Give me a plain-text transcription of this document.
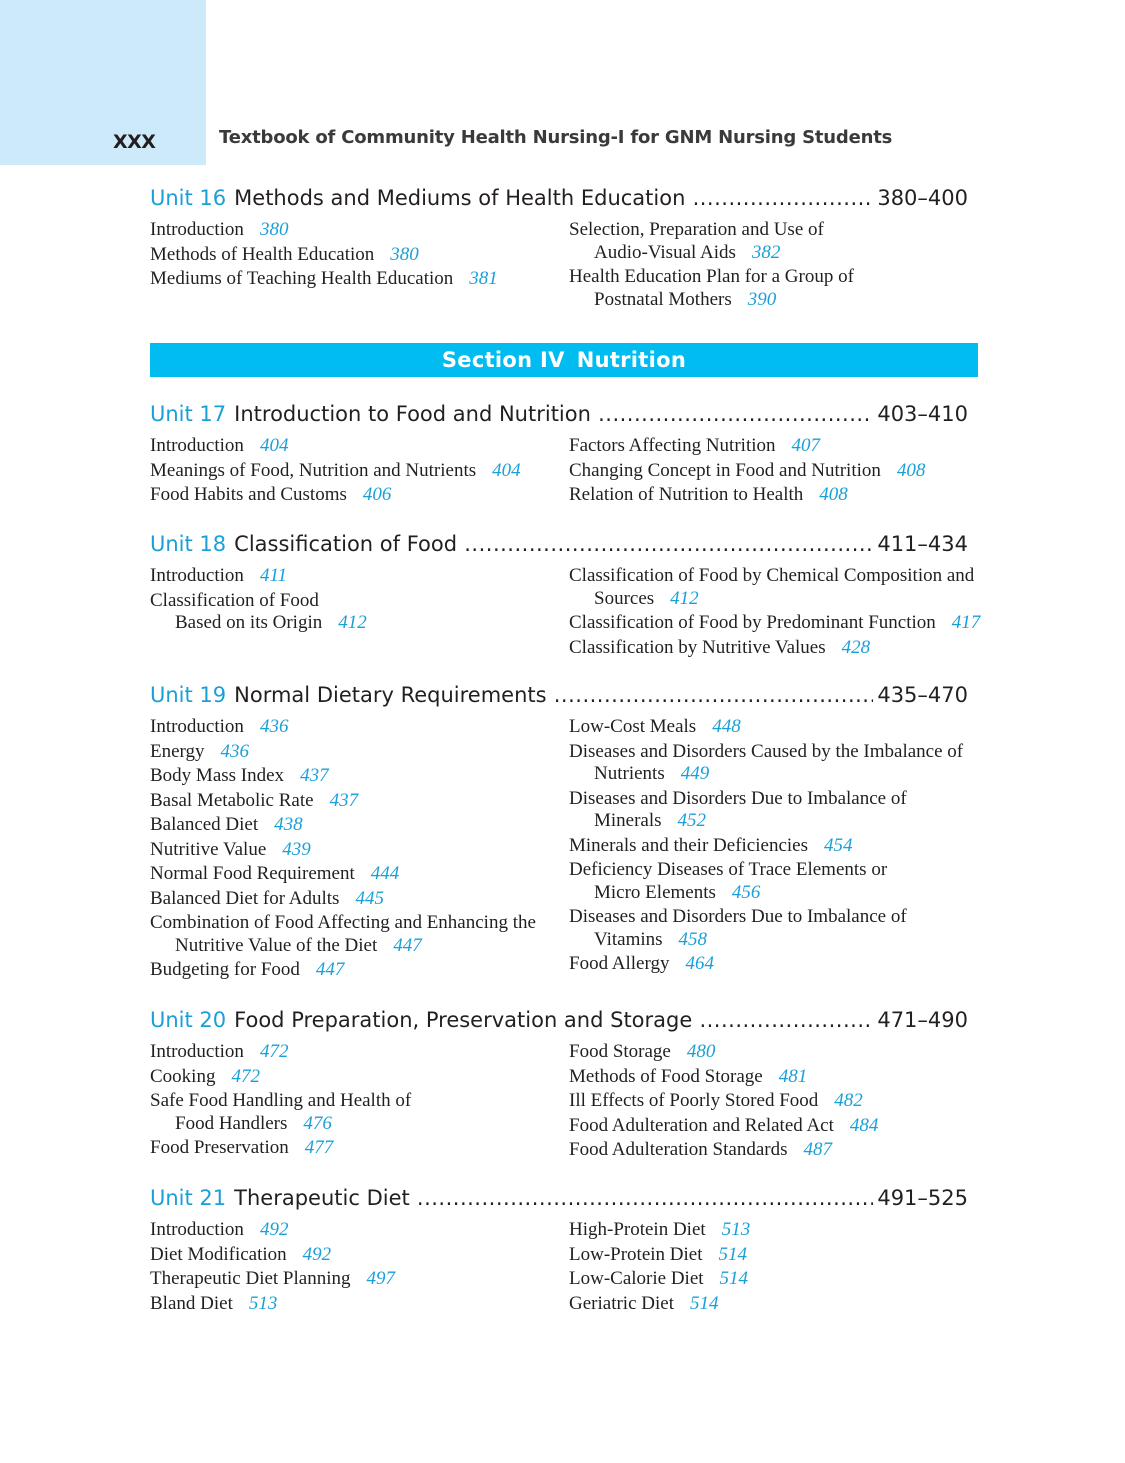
XXX	Textbook of Community Health Nursing-I for GNM Nursing Students
Section IV Nutrition
Unit 16 Methods and Mediums of Health Education .....	380–400
Introduction 380
Methods of Health Education 380
Mediums of Teaching Health Education 381
Selection, Preparation and Use of
Audio-Visual Aids 382
Health Education Plan for a Group of
Postnatal Mothers 390
Unit 17 Introduction to Food and Nutrition .....	403–410
Introduction 404
Meanings of Food, Nutrition and Nutrients 404
Food Habits and Customs 406
Factors Affecting Nutrition 407
Changing Concept in Food and Nutrition 408
Relation of Nutrition to Health 408
Unit 18 Classification of Food .....	411–434
Introduction 411
Classification of Food
Based on its Origin 412
Classification of Food by Chemical Composition and
Sources 412
Classification of Food by Predominant Function 417
Classification by Nutritive Values 428
Unit 19 Normal Dietary Requirements .....	435–470
Introduction 436
Energy 436
Body Mass Index 437
Basal Metabolic Rate 437
Balanced Diet 438
Nutritive Value 439
Normal Food Requirement 444
Balanced Diet for Adults 445
Combination of Food Affecting and Enhancing the
Nutritive Value of the Diet 447
Budgeting for Food 447
Low-Cost Meals 448
Diseases and Disorders Caused by the Imbalance of
Nutrients 449
Diseases and Disorders Due to Imbalance of
Minerals 452
Minerals and their Deficiencies 454
Deficiency Diseases of Trace Elements or
Micro Elements 456
Diseases and Disorders Due to Imbalance of
Vitamins 458
Food Allergy 464
Unit 20 Food Preparation, Preservation and Storage .....	471–490
Introduction 472
Cooking 472
Safe Food Handling and Health of
Food Handlers 476
Food Preservation 477
Food Storage 480
Methods of Food Storage 481
Ill Effects of Poorly Stored Food 482
Food Adulteration and Related Act 484
Food Adulteration Standards 487
Unit 21 Therapeutic Diet .....	491–525
Introduction 492
Diet Modification 492
Therapeutic Diet Planning 497
Bland Diet 513
High-Protein Diet 513
Low-Protein Diet 514
Low-Calorie Diet 514
Geriatric Diet 514
